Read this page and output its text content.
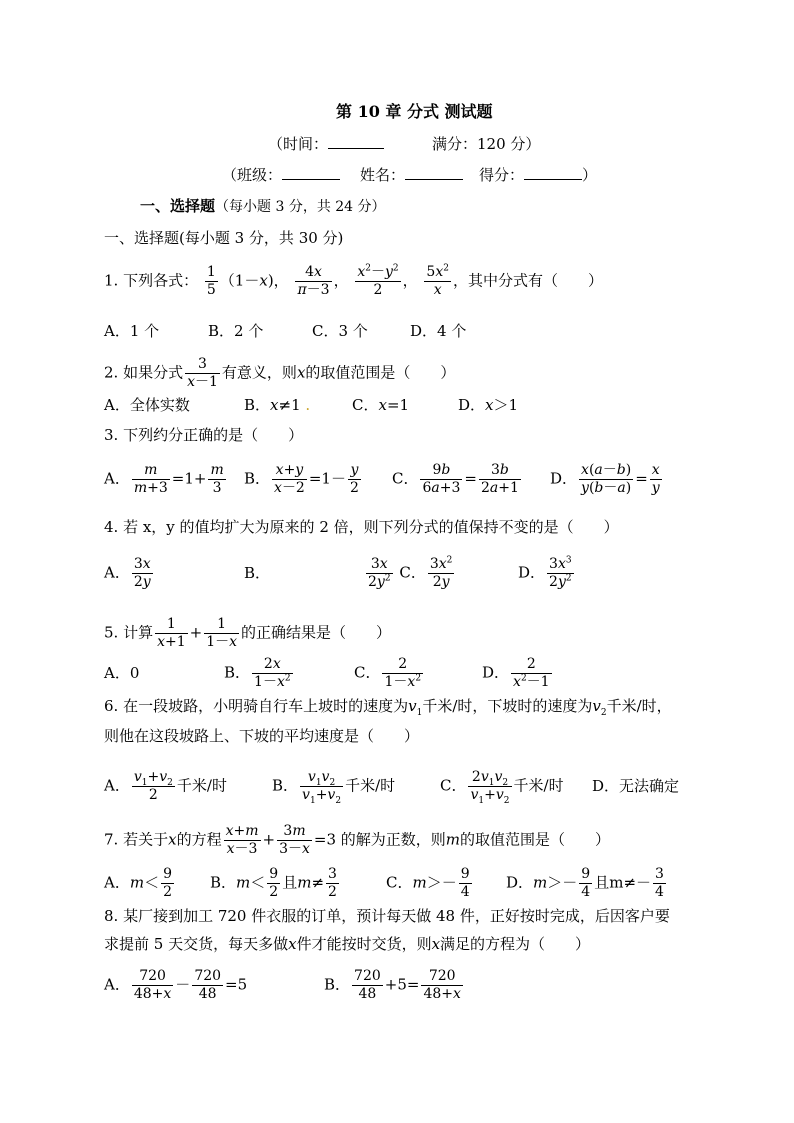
第 10 章 分式 测试题
（时间：	满分：120 分）
（班级：	姓名：	得分：	）
一、选择题（每小题 3 分，共 24 分）
一、选择题(每小题 3 分，共 30 分)
1. 下列各式： $\frac{1}{5} (1-x)$， $\frac{4x}{\pi-3}$ ， $\frac{x^2-y^2}{2}$ ， $\frac{5x^2}{x}$ ，其中分式有（　　）
A．1 个	B．2 个	C．3 个	D．4 个
2. 如果分式 $\frac{3}{x-1}$ 有意义，则x的取值范围是（　　）
A．全体实数	B．x≠1 .	C．x=1	D．x＞1
3. 下列约分正确的是（　　）
A． $\frac{m}{m+3} =1+ \frac{m}{3}$ B． $\frac{x+y}{x-2} =1- \frac{y}{2}$ C． $\frac{9b}{6a+3} = \frac{3b}{2a+1}$ D． $\frac{x(a-b)}{y(b-a)} = \frac{x}{y}$
4. 若 x，y 的值均扩大为原来的 2 倍，则下列分式的值保持不变的是（　　）
A． $\frac{3x}{2y}$	B．	$\frac{3x}{2y^2}$ C． $\frac{3x^2}{2y}$	D． $\frac{3x^3}{2y^2}$
5. 计算 $\frac{1}{x+1} + \frac{1}{1-x}$ 的正确结果是（　　）
A．0	B． $\frac{2x}{1-x^2}$	C． $\frac{2}{1-x^2}$	D． $\frac{2}{x^2-1}$
6. 在一段坡路，小明骑自行车上坡时的速度为$v_1$千米/时，下坡时的速度为$v_2$千米/时，
则他在这段坡路上、下坡的平均速度是（　　）
A． $\frac{v_1+v_2}{2}$ 千米/时	B． $\frac{v_1v_2}{v_1+v_2}$ 千米/时	C． $\frac{2v_1v_2}{v_1+v_2}$ 千米/时 D．无法确定
7. 若关于x的方程 $\frac{x+m}{x-3} + \frac{3m}{3-x} =3$ 的解为正数，则m的取值范围是（　　）
A．$m< \frac{9}{2}$ B．$m< \frac{9}{2}$ 且$m\ne \frac{3}{2}$	C．$m>- \frac{9}{4}$ D．$m>- \frac{9}{4}$ 且$m\ne- \frac{3}{4}$
8. 某厂接到加工 720 件衣服的订单，预计每天做 48 件，正好按时完成，后因客户要
求提前 5 天交货，每天多做x件才能按时交货，则x满足的方程为（　　）
A． $\frac{720}{48+x} - \frac{720}{48} =5$	B． $\frac{720}{48} +5= \frac{720}{48+x}$
